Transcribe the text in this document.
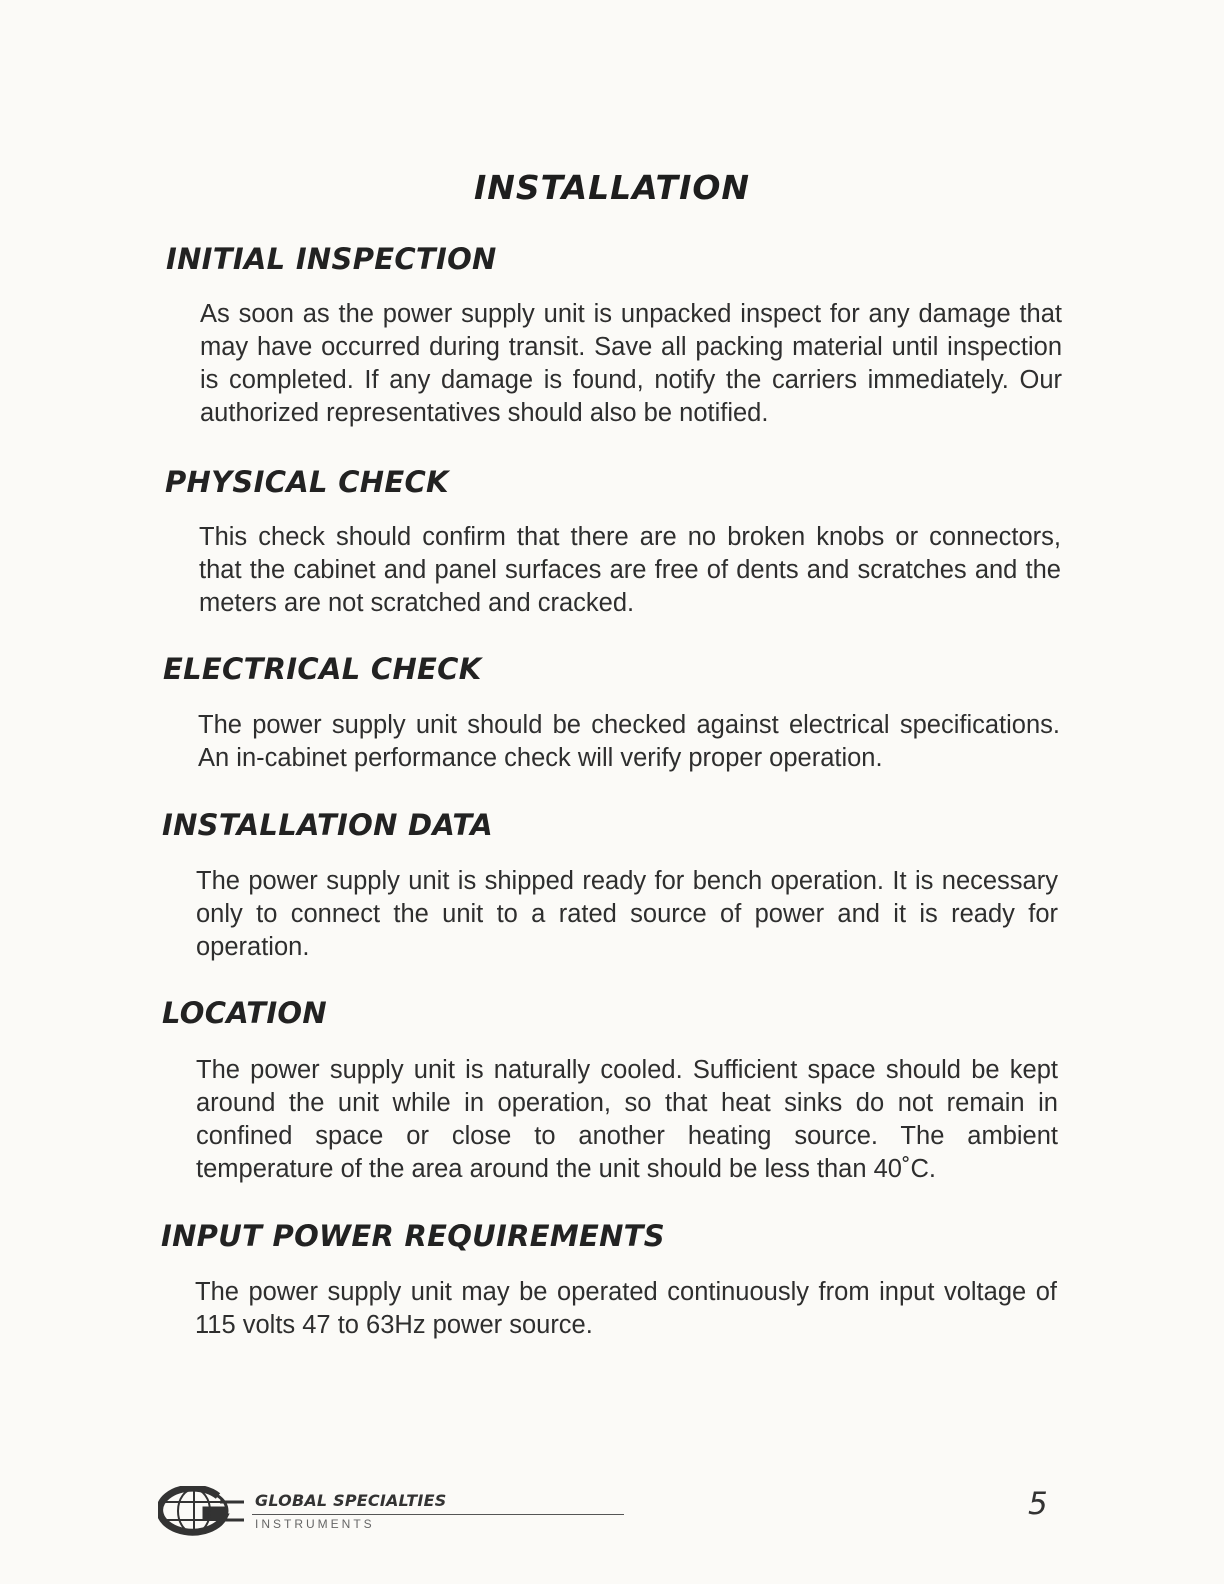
INSTALLATION
INITIAL INSPECTION

As soon as the power supply unit is unpacked inspect for any damage that may have occurred during transit. Save all packing material until inspection is completed. If any damage is found, notify the carriers immediately. Our authorized representatives should also be notified.

PHYSICAL CHECK

This check should confirm that there are no broken knobs or connectors, that the cabinet and panel surfaces are free of dents and scratches and the meters are not scratched and cracked.

ELECTRICAL CHECK

The power supply unit should be checked against electrical specifications. An in-cabinet performance check will verify proper operation.

INSTALLATION DATA

The power supply unit is shipped ready for bench operation. It is necessary only to connect the unit to a rated source of power and it is ready for operation.

LOCATION

The power supply unit is naturally cooled. Sufficient space should be kept around the unit while in operation, so that heat sinks do not remain in confined space or close to another heating source. The ambient temperature of the area around the unit should be less than 40˚C.

INPUT POWER REQUIREMENTS

The power supply unit may be operated continuously from input voltage of 115 volts 47 to 63Hz power source.

GLOBAL SPECIALTIES
INSTRUMENTS
5
